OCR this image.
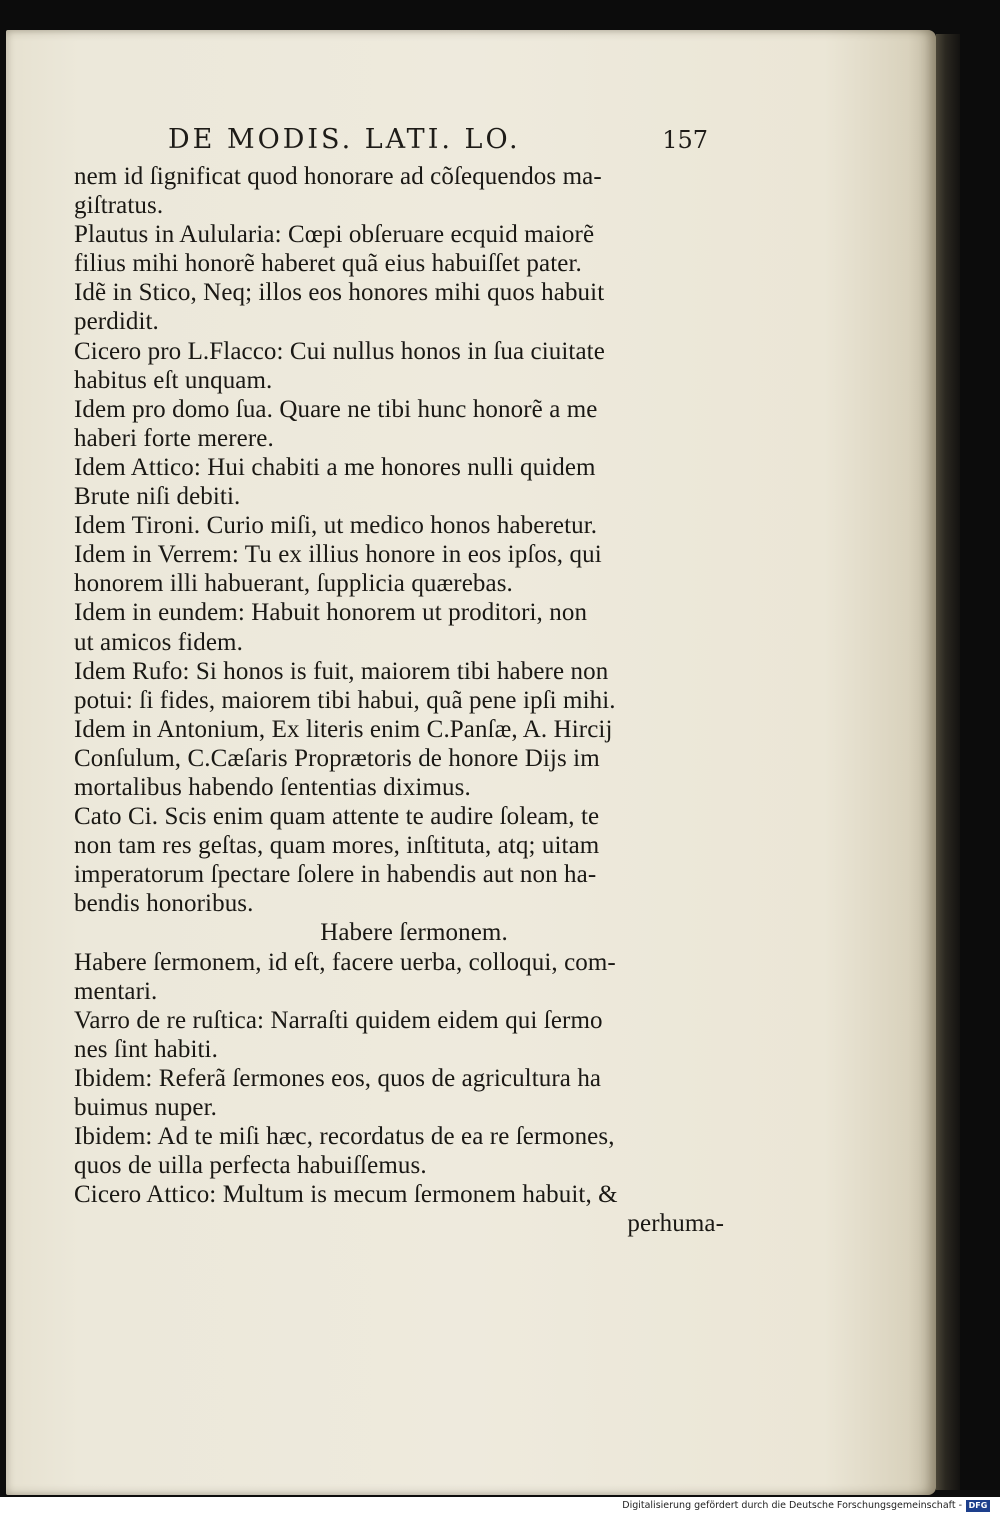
DE MODIS. LATI. LO.	157
nem id ſignificat quod honorare ad cõſequendos ma-
giſtratus.
Plautus in Aulularia: Cœpi obſeruare ecquid maiorẽ
filius mihi honorẽ haberet quã eius habuiſſet pater.
Idẽ in Stico, Neq; illos eos honores mihi quos habuit
perdidit.
Cicero pro L.Flacco: Cui nullus honos in ſua ciuitate
habitus eſt unquam.
Idem pro domo ſua. Quare ne tibi hunc honorẽ a me
haberi forte merere.
Idem Attico: Hui chabiti a me honores nulli quidem
Brute niſi debiti.
Idem Tironi. Curio miſi, ut medico honos haberetur.
Idem in Verrem: Tu ex illius honore in eos ipſos, qui
honorem illi habuerant, ſupplicia quærebas.
Idem in eundem: Habuit honorem ut proditori, non
ut amicos fidem.
Idem Rufo: Si honos is fuit, maiorem tibi habere non
potui: ſi fides, maiorem tibi habui, quã pene ipſi mihi.
Idem in Antonium, Ex literis enim C.Panſæ, A. Hircij
Conſulum, C.Cæſaris Proprætoris de honore Dijs im
mortalibus habendo ſententias diximus.
Cato Ci. Scis enim quam attente te audire ſoleam, te
non tam res geſtas, quam mores, inſtituta, atq; uitam
imperatorum ſpectare ſolere in habendis aut non ha-
bendis honoribus.
Habere ſermonem.
Habere ſermonem, id eſt, facere uerba, colloqui, com-
mentari.
Varro de re ruſtica: Narraſti quidem eidem qui ſermo
nes ſint habiti.
Ibidem: Referã ſermones eos, quos de agricultura ha
buimus nuper.
Ibidem: Ad te miſi hæc, recordatus de ea re ſermones,
quos de uilla perfecta habuiſſemus.
Cicero Attico: Multum is mecum ſermonem habuit, &
perhuma-
Digitalisierung gefördert durch die Deutsche Forschungsgemeinschaft - DFG
